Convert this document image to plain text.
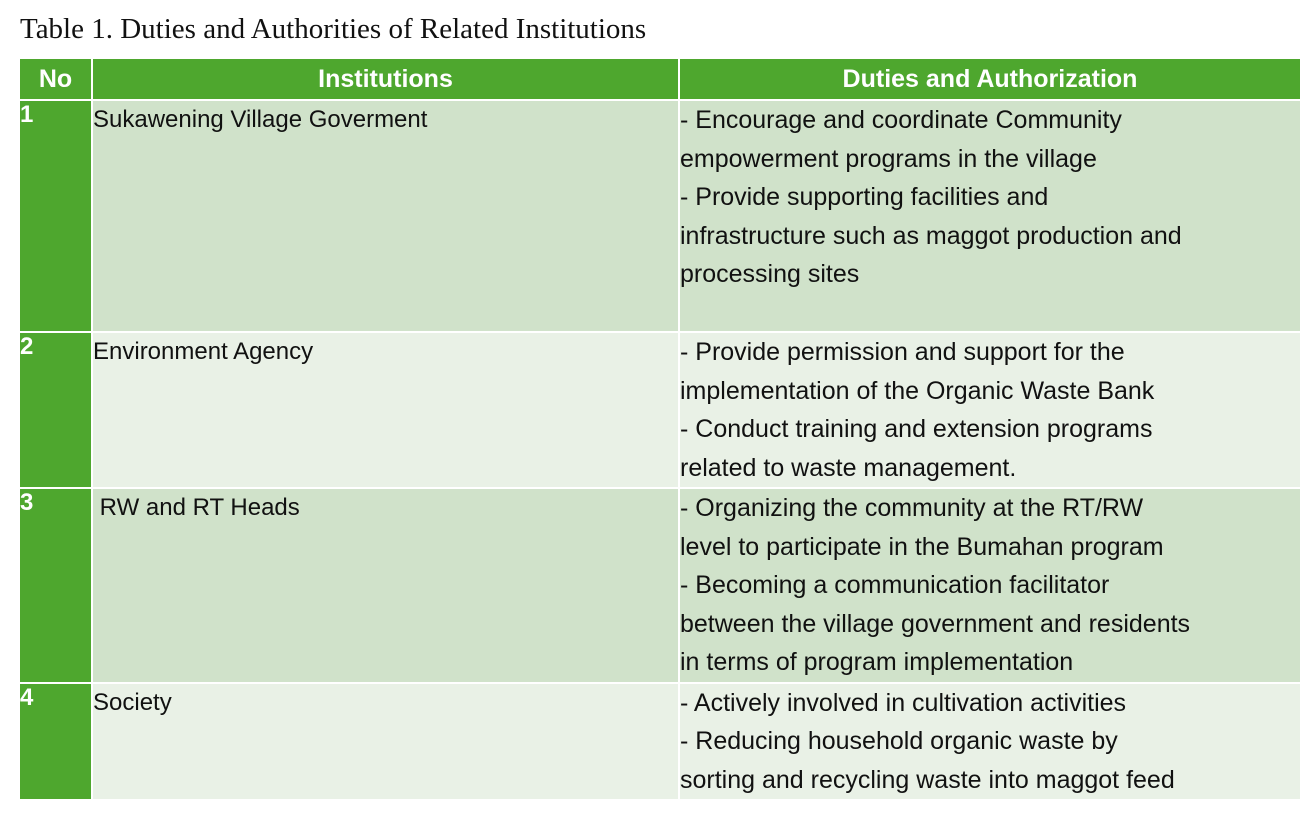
Table 1. Duties and Authorities of Related Institutions
No	Institutions	Duties and Authorization
1	Sukawening Village Goverment	- Encourage and coordinate Community
empowerment programs in the village
- Provide supporting facilities and
infrastructure such as maggot production and
processing sites

2	Environment Agency	- Provide permission and support for the
implementation of the Organic Waste Bank
- Conduct training and extension programs
related to waste management.

3	RW and RT Heads	- Organizing the community at the RT/RW
level to participate in the Bumahan program
- Becoming a communication facilitator
between the village government and residents
in terms of program implementation

4	Society	- Actively involved in cultivation activities
- Reducing household organic waste by
sorting and recycling waste into maggot feed
